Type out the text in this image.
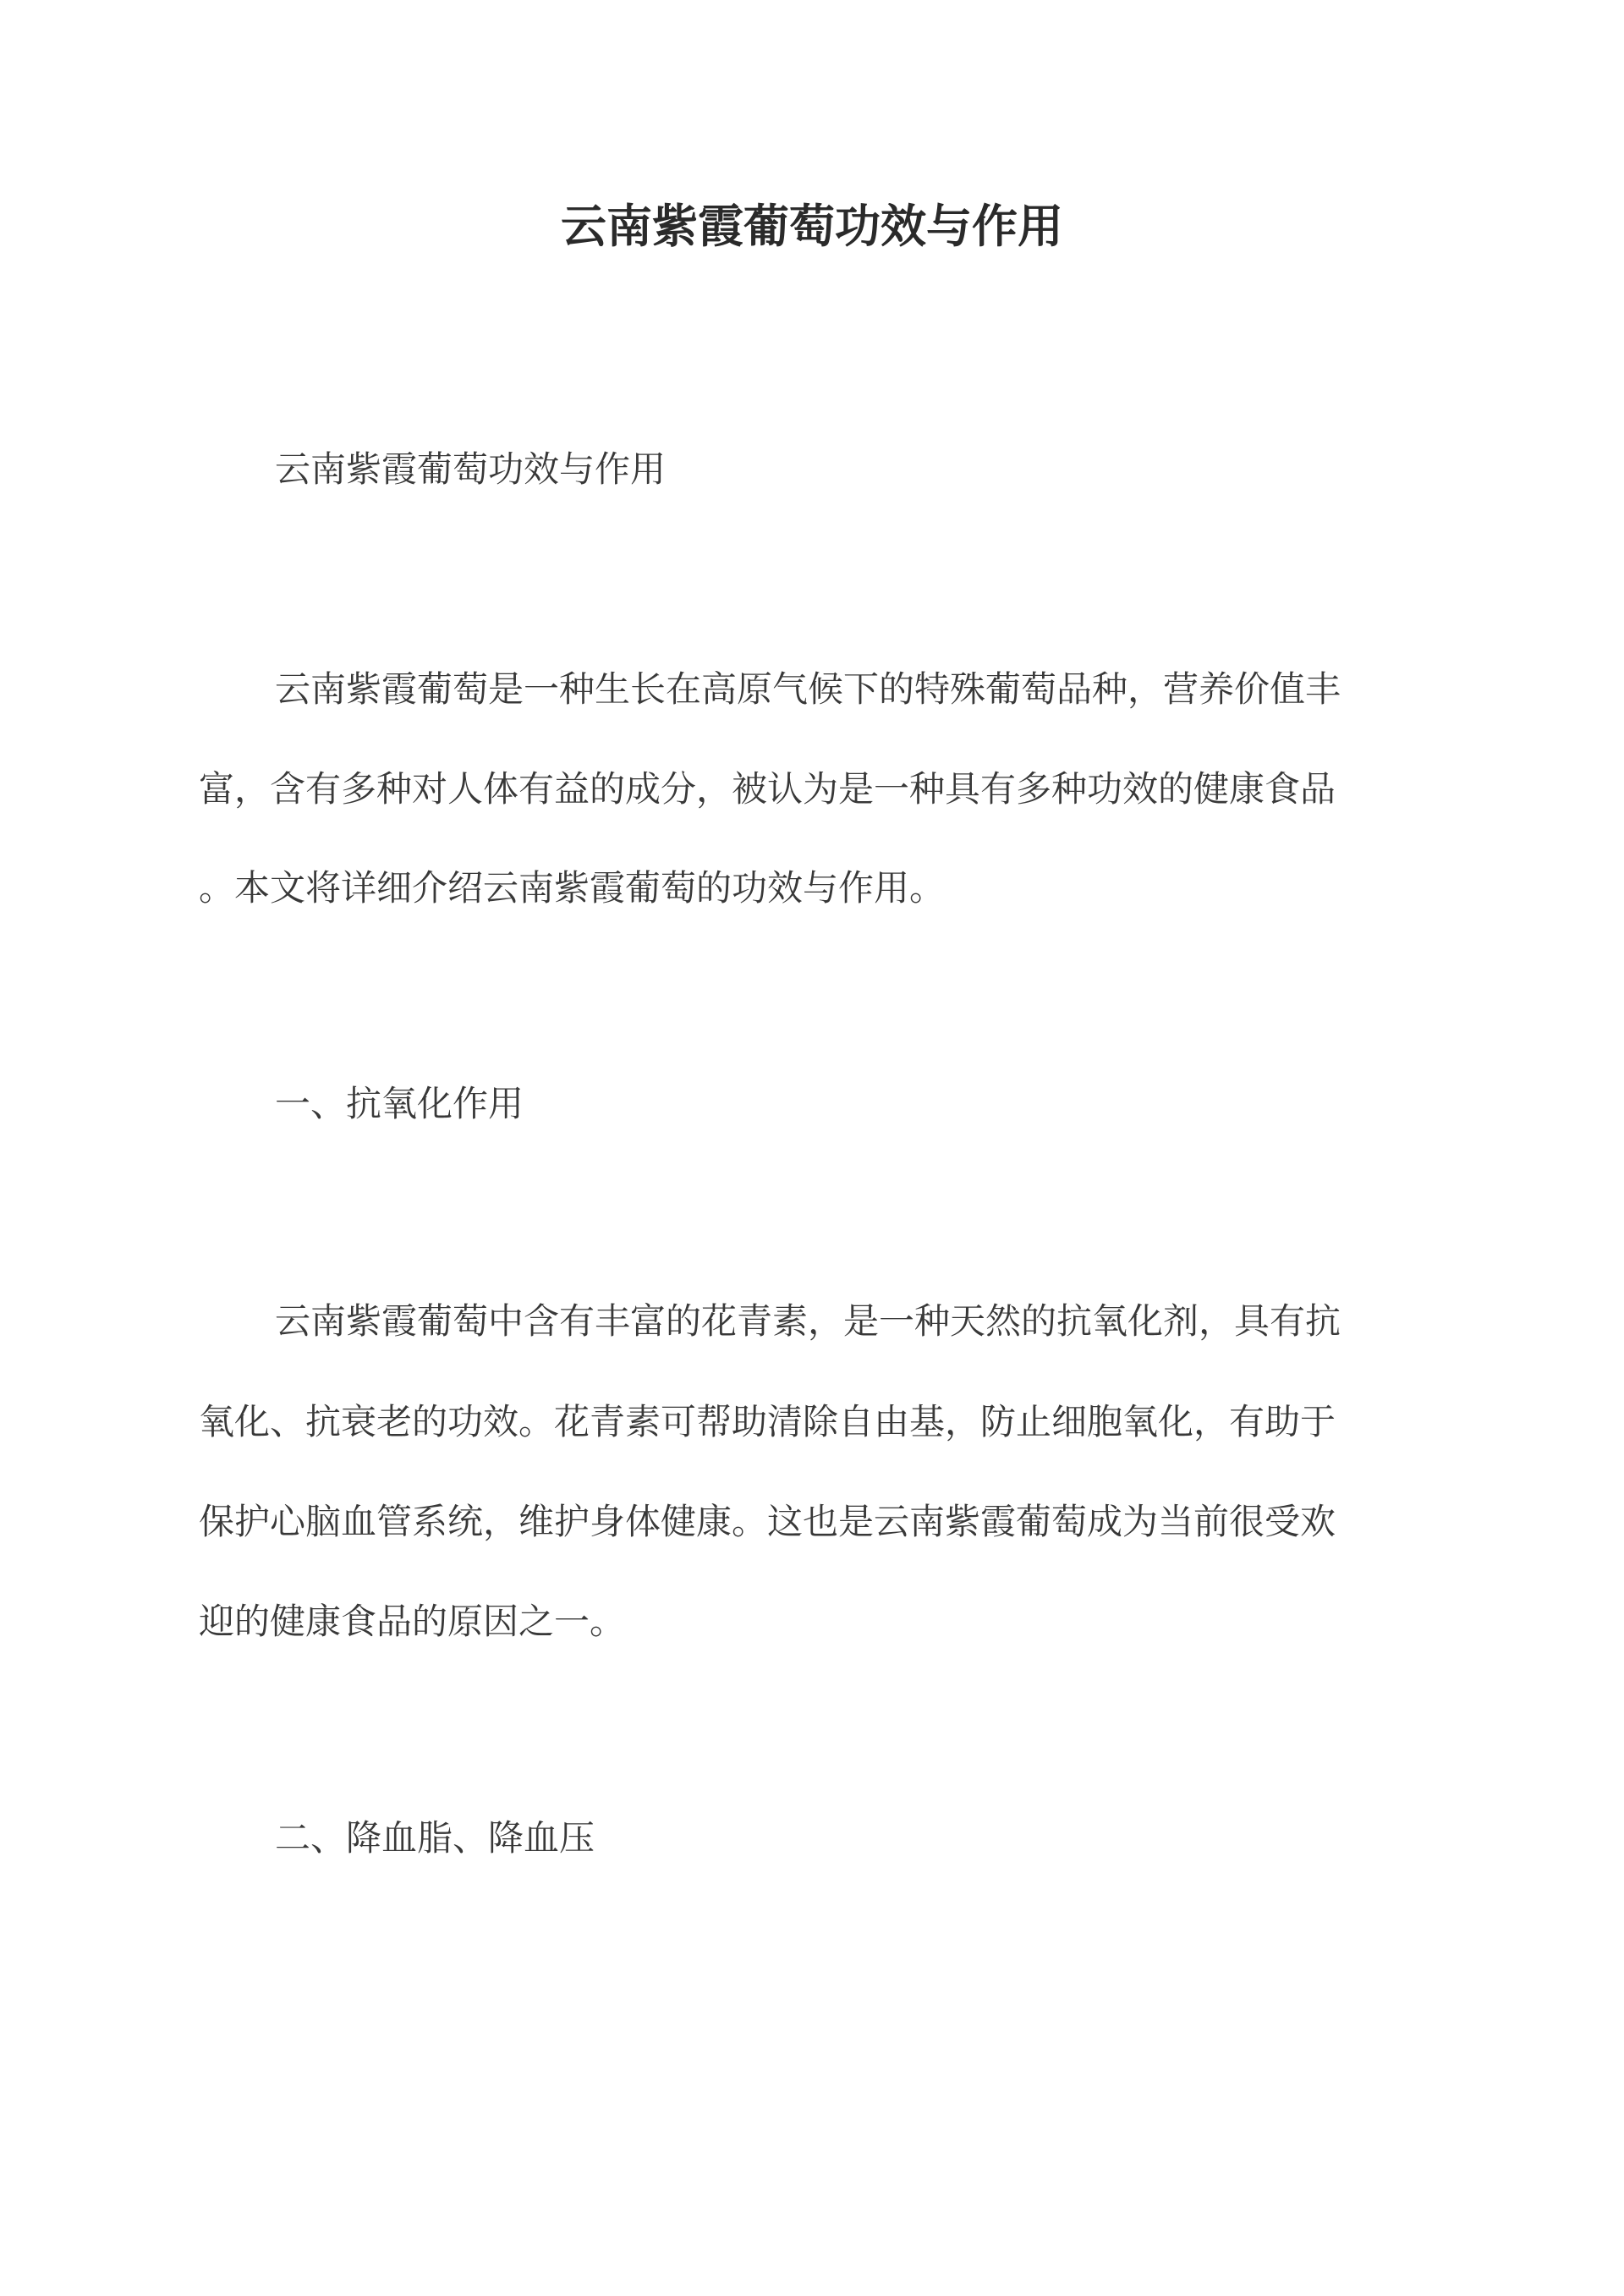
云南紫霞葡萄功效与作用

云南紫霞葡萄功效与作用

云南紫霞葡萄是一种生长在高原气候下的特殊葡萄品种，营养价值丰

富，含有多种对人体有益的成分，被认为是一种具有多种功效的健康食品

。本文将详细介绍云南紫霞葡萄的功效与作用。

一、抗氧化作用

云南紫霞葡萄中含有丰富的花青素，是一种天然的抗氧化剂，具有抗

氧化、抗衰老的功效。花青素可帮助清除自由基，防止细胞氧化，有助于

保护心脑血管系统，维护身体健康。这也是云南紫霞葡萄成为当前很受欢

迎的健康食品的原因之一。

二、降血脂、降血压
